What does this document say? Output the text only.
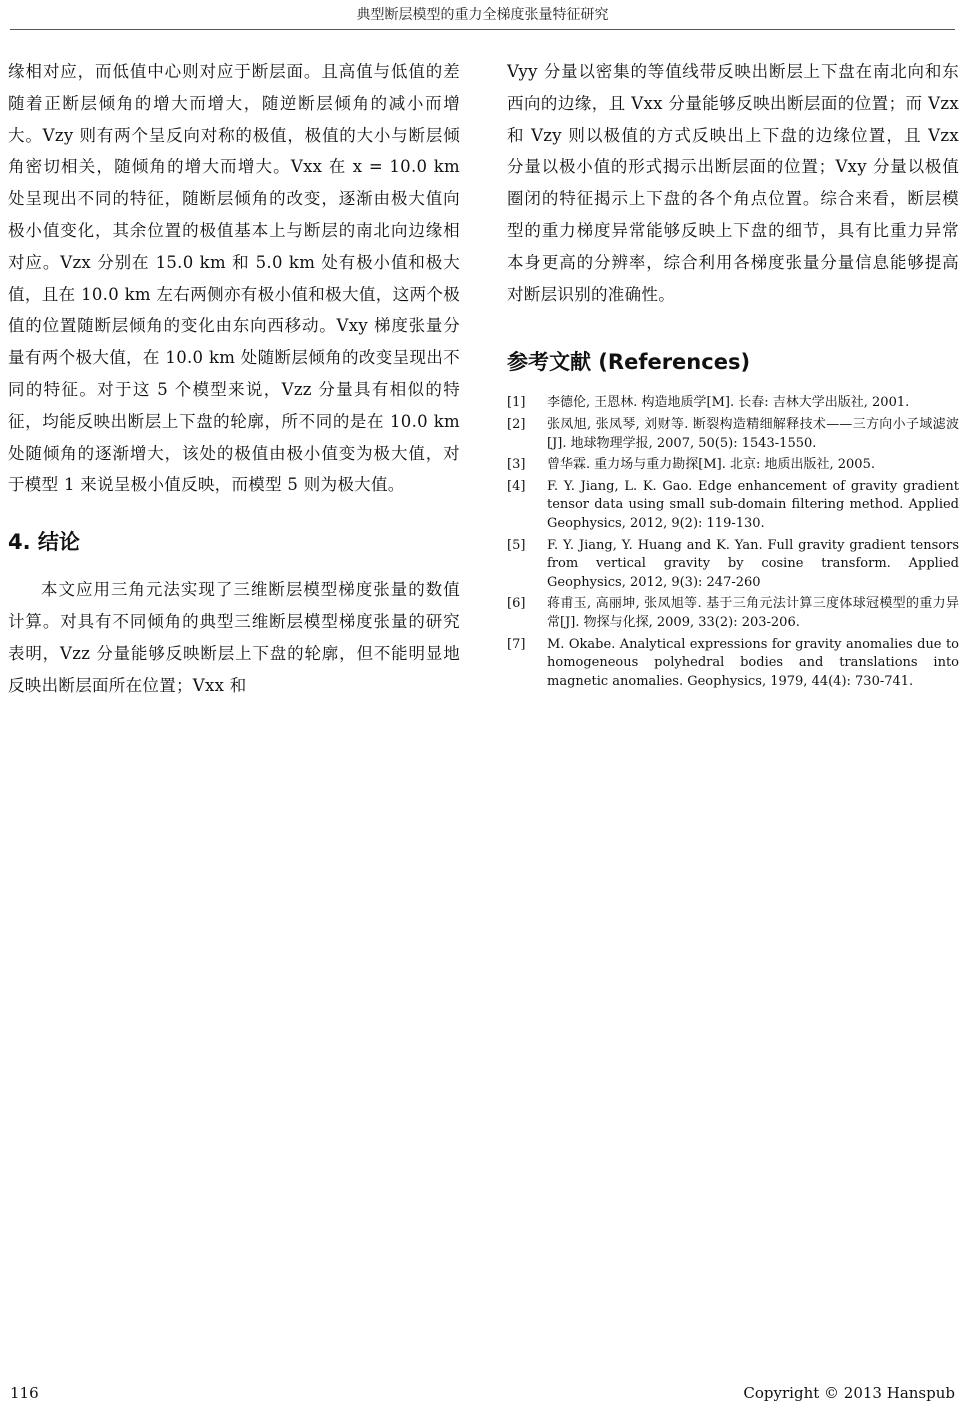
典型断层模型的重力全梯度张量特征研究

缘相对应，而低值中心则对应于断层面。且高值与低值的差随着正断层倾角的增大而增大，随逆断层倾角的减小而增大。Vzy 则有两个呈反向对称的极值，极值的大小与断层倾角密切相关，随倾角的增大而增大。Vxx 在 x = 10.0 km 处呈现出不同的特征，随断层倾角的改变，逐渐由极大值向极小值变化，其余位置的极值基本上与断层的南北向边缘相对应。Vzx 分别在 15.0 km 和 5.0 km 处有极小值和极大值，且在 10.0 km 左右两侧亦有极小值和极大值，这两个极值的位置随断层倾角的变化由东向西移动。Vxy 梯度张量分量有两个极大值，在 10.0 km 处随断层倾角的改变呈现出不同的特征。对于这 5 个模型来说，Vzz 分量具有相似的特征，均能反映出断层上下盘的轮廓，所不同的是在 10.0 km 处随倾角的逐渐增大，该处的极值由极小值变为极大值，对于模型 1 来说呈极小值反映，而模型 5 则为极大值。

4. 结论

本文应用三角元法实现了三维断层模型梯度张量的数值计算。对具有不同倾角的典型三维断层模型梯度张量的研究表明，Vzz 分量能够反映断层上下盘的轮廓，但不能明显地反映出断层面所在位置；Vxx 和

Vyy 分量以密集的等值线带反映出断层上下盘在南北向和东西向的边缘，且 Vxx 分量能够反映出断层面的位置；而 Vzx 和 Vzy 则以极值的方式反映出上下盘的边缘位置，且 Vzx 分量以极小值的形式揭示出断层面的位置；Vxy 分量以极值圈闭的特征揭示上下盘的各个角点位置。综合来看，断层模型的重力梯度异常能够反映上下盘的细节，具有比重力异常本身更高的分辨率，综合利用各梯度张量分量信息能够提高对断层识别的准确性。

参考文献 (References)
[1]	李德伦, 王恩林. 构造地质学[M]. 长春: 吉林大学出版社, 2001.
[2]	张凤旭, 张凤琴, 刘财等. 断裂构造精细解释技术——三方向小子域滤波[J]. 地球物理学报, 2007, 50(5): 1543-1550.
[3]	曾华霖. 重力场与重力勘探[M]. 北京: 地质出版社, 2005.
[4]	F. Y. Jiang, L. K. Gao. Edge enhancement of gravity gradient tensor data using small sub-domain filtering method. Applied Geophysics, 2012, 9(2): 119-130.
[5]	F. Y. Jiang, Y. Huang and K. Yan. Full gravity gradient tensors from vertical gravity by cosine transform. Applied Geophysics, 2012, 9(3): 247-260
[6]	蒋甫玉, 高丽坤, 张凤旭等. 基于三角元法计算三度体球冠模型的重力异常[J]. 物探与化探, 2009, 33(2): 203-206.
[7]	M. Okabe. Analytical expressions for gravity anomalies due to homogeneous polyhedral bodies and translations into magnetic anomalies. Geophysics, 1979, 44(4): 730-741.
116	Copyright © 2013 Hanspub
